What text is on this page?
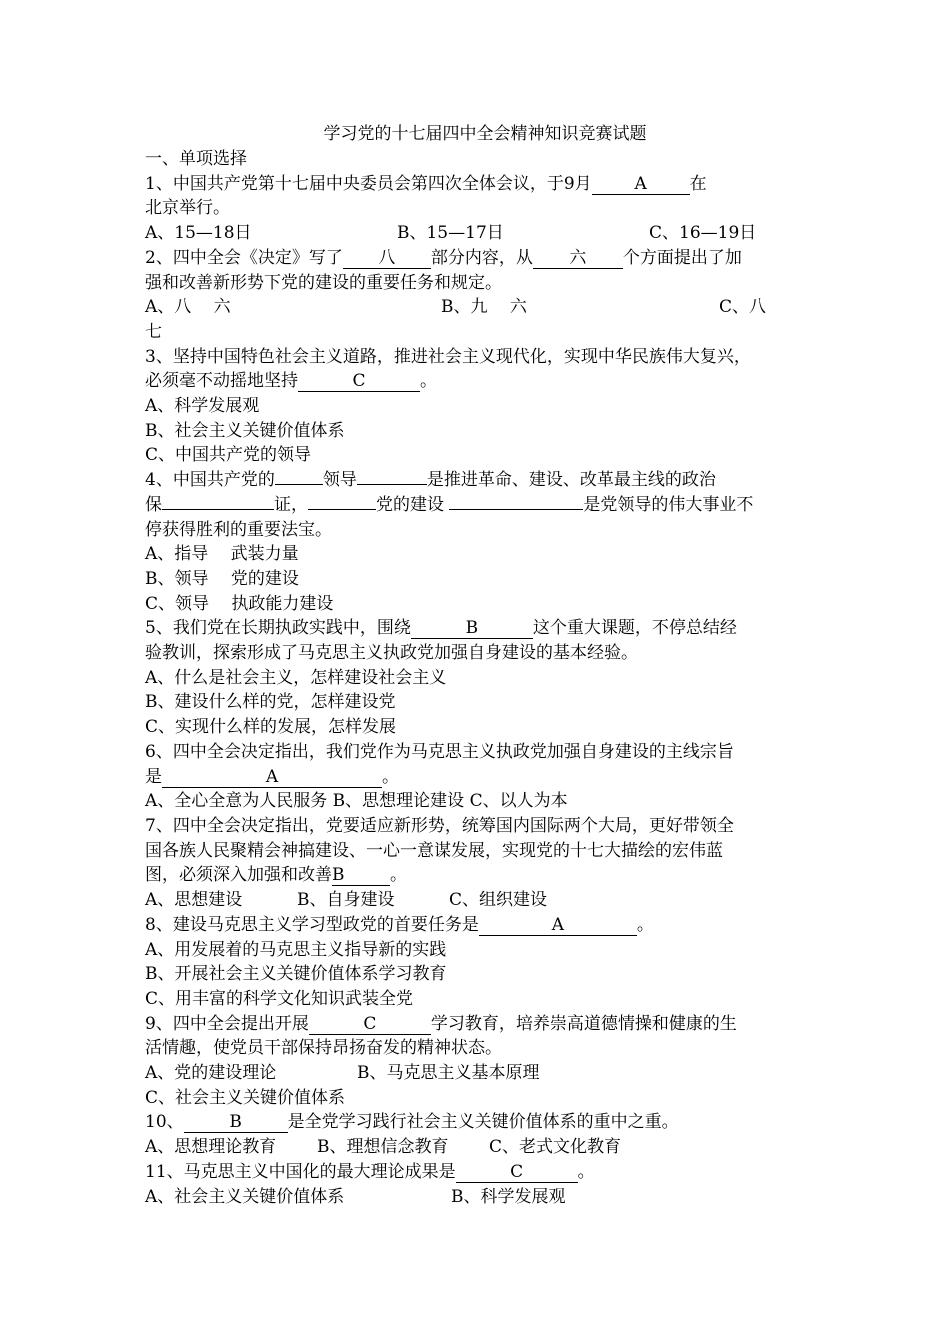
学习党的十七届四中全会精神知识竞赛试题

一、单项选择

1、中国共产党第十七届中央委员会第四次全体会议，于9月	A	在

北京举行。

A、15—18日	B、15—17日	C、16—19日

2、四中全会《决定》写了 八 部分内容，从 六 个方面提出了加

强和改善新形势下党的建设的重要任务和规定。

A、八　 六	B、九　 六	C、八

七

3、坚持中国特色社会主义道路，推进社会主义现代化，实现中华民族伟大复兴，

必须毫不动摇地坚持	C	。

A、科学发展观

B、社会主义关键价值体系

C、中国共产党的领导

4、中国共产党的	领导	是推进革命、建设、改革最主线的政治

保	证，	党的建设	是党领导的伟大事业不

停获得胜利的重要法宝。

A、指导　 武装力量

B、领导　 党的建设

C、领导　 执政能力建设

5、我们党在长期执政实践中，围绕	B	这个重大课题，不停总结经

验教训，探索形成了马克思主义执政党加强自身建设的基本经验。

A、什么是社会主义，怎样建设社会主义

B、建设什么样的党，怎样建设党

C、实现什么样的发展，怎样发展

6、四中全会决定指出，我们党作为马克思主义执政党加强自身建设的主线宗旨

是	A	。

A、全心全意为人民服务 B、思想理论建设 C、以人为本

7、四中全会决定指出，党要适应新形势，统筹国内国际两个大局，更好带领全

国各族人民聚精会神搞建设、一心一意谋发展，实现党的十七大描绘的宏伟蓝

图，必须深入加强和改善B	。

A、思想建设	B、自身建设	C、组织建设

8、建设马克思主义学习型政党的首要任务是	A	。

A、用发展着的马克思主义指导新的实践

B、开展社会主义关键价值体系学习教育

C、用丰富的科学文化知识武装全党

9、四中全会提出开展	C	学习教育，培养崇高道德情操和健康的生

活情趣，使党员干部保持昂扬奋发的精神状态。

A、党的建设理论	B、马克思主义基本原理

C、社会主义关键价值体系

10、	B	是全党学习践行社会主义关键价值体系的重中之重。

A、思想理论教育	B、理想信念教育	C、老式文化教育

11、马克思主义中国化的最大理论成果是	C	。

A、社会主义关键价值体系	B、科学发展观
